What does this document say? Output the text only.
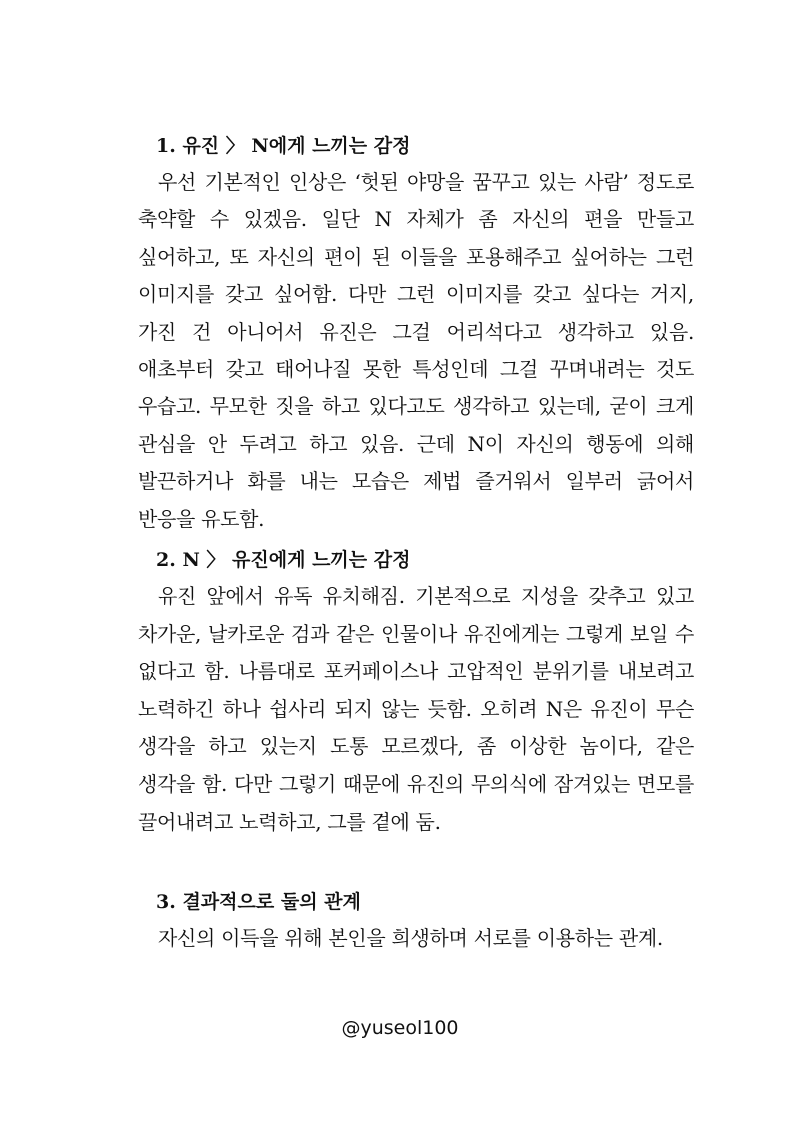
1. 유진 〉 N에게 느끼는 감정

우선 기본적인 인상은 ‘헛된 야망을 꿈꾸고 있는 사람’ 정도로 축약할 수 있겠음. 일단 N 자체가 좀 자신의 편을 만들고 싶어하고, 또 자신의 편이 된 이들을 포용해주고 싶어하는 그런 이미지를 갖고 싶어함. 다만 그런 이미지를 갖고 싶다는 거지, 가진 건 아니어서 유진은 그걸 어리석다고 생각하고 있음. 애초부터 갖고 태어나질 못한 특성인데 그걸 꾸며내려는 것도 우습고. 무모한 짓을 하고 있다고도 생각하고 있는데, 굳이 크게 관심을 안 두려고 하고 있음. 근데 N이 자신의 행동에 의해 발끈하거나 화를 내는 모습은 제법 즐거워서 일부러 긁어서 반응을 유도함.

2. N 〉 유진에게 느끼는 감정

유진 앞에서 유독 유치해짐. 기본적으로 지성을 갖추고 있고 차가운, 날카로운 검과 같은 인물이나 유진에게는 그렇게 보일 수 없다고 함. 나름대로 포커페이스나 고압적인 분위기를 내보려고 노력하긴 하나 쉽사리 되지 않는 듯함. 오히려 N은 유진이 무슨 생각을 하고 있는지 도통 모르겠다, 좀 이상한 놈이다, 같은 생각을 함. 다만 그렇기 때문에 유진의 무의식에 잠겨있는 면모를 끌어내려고 노력하고, 그를 곁에 둠.

3. 결과적으로 둘의 관계

자신의 이득을 위해 본인을 희생하며 서로를 이용하는 관계.

@yuseol100
